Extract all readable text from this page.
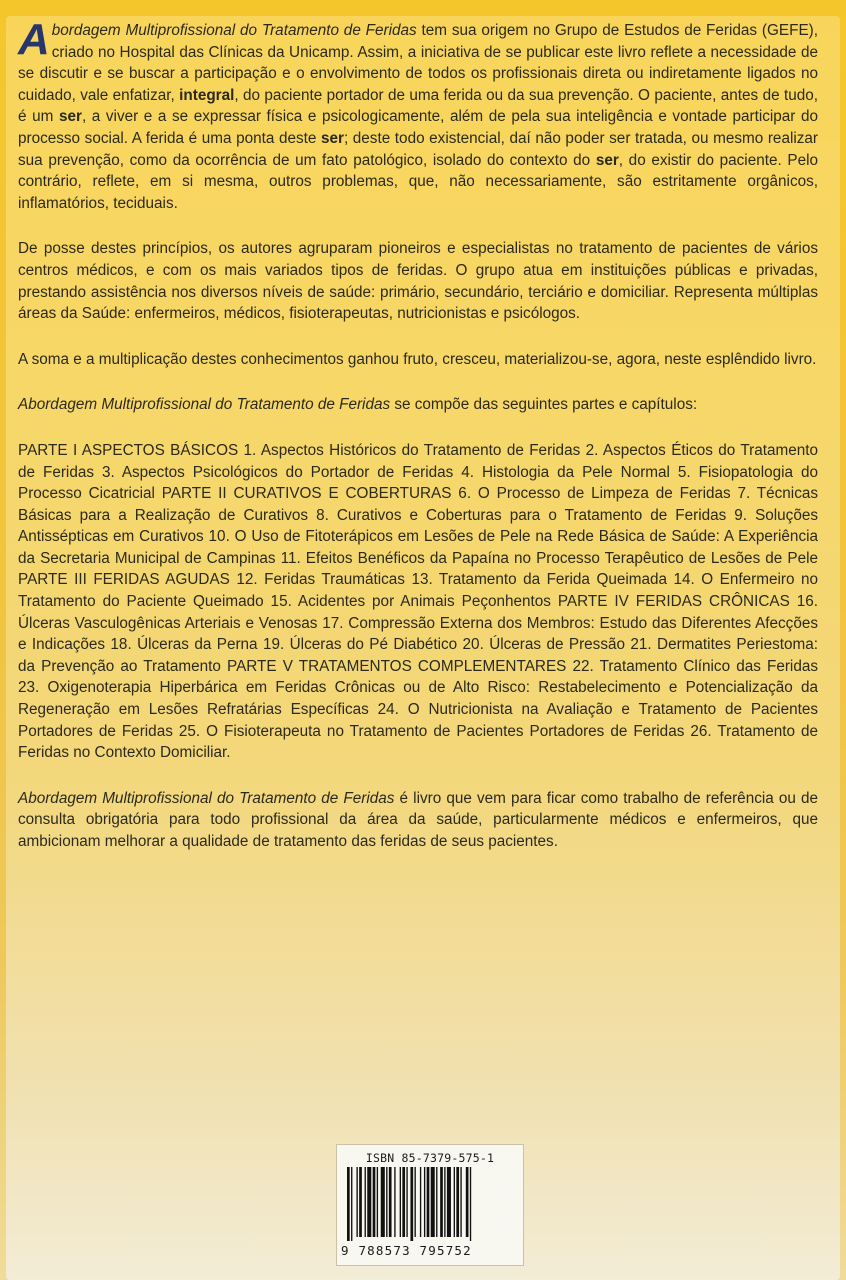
Abordagem Multiprofissional do Tratamento de Feridas tem sua origem no Grupo de Estudos de Feridas (GEFE), criado no Hospital das Clínicas da Unicamp. Assim, a iniciativa de se publicar este livro reflete a necessidade de se discutir e se buscar a participação e o envolvimento de todos os profissionais direta ou indiretamente ligados no cuidado, vale enfatizar, integral, do paciente portador de uma ferida ou da sua prevenção. O paciente, antes de tudo, é um ser, a viver e a se expressar física e psicologicamente, além de pela sua inteligência e vontade participar do processo social. A ferida é uma ponta deste ser; deste todo existencial, daí não poder ser tratada, ou mesmo realizar sua prevenção, como da ocorrência de um fato patológico, isolado do contexto do ser, do existir do paciente. Pelo contrário, reflete, em si mesma, outros problemas, que, não necessariamente, são estritamente orgânicos, inflamatórios, teciduais.

De posse destes princípios, os autores agruparam pioneiros e especialistas no tratamento de pacientes de vários centros médicos, e com os mais variados tipos de feridas. O grupo atua em instituições públicas e privadas, prestando assistência nos diversos níveis de saúde: primário, secundário, terciário e domiciliar. Representa múltiplas áreas da Saúde: enfermeiros, médicos, fisioterapeutas, nutricionistas e psicólogos.

A soma e a multiplicação destes conhecimentos ganhou fruto, cresceu, materializou-se, agora, neste esplêndido livro.

Abordagem Multiprofissional do Tratamento de Feridas se compõe das seguintes partes e capítulos:

PARTE I ASPECTOS BÁSICOS 1. Aspectos Históricos do Tratamento de Feridas 2. Aspectos Éticos do Tratamento de Feridas 3. Aspectos Psicológicos do Portador de Feridas 4. Histologia da Pele Normal 5. Fisiopatologia do Processo Cicatricial PARTE II CURATIVOS E COBERTURAS 6. O Processo de Limpeza de Feridas 7. Técnicas Básicas para a Realização de Curativos 8. Curativos e Coberturas para o Tratamento de Feridas 9. Soluções Antissépticas em Curativos 10. O Uso de Fitoterápicos em Lesões de Pele na Rede Básica de Saúde: A Experiência da Secretaria Municipal de Campinas 11. Efeitos Benéficos da Papaína no Processo Terapêutico de Lesões de Pele PARTE III FERIDAS AGUDAS 12. Feridas Traumáticas 13. Tratamento da Ferida Queimada 14. O Enfermeiro no Tratamento do Paciente Queimado 15. Acidentes por Animais Peçonhentos PARTE IV FERIDAS CRÔNICAS 16. Úlceras Vasculogênicas Arteriais e Venosas 17. Compressão Externa dos Membros: Estudo das Diferentes Afecções e Indicações 18. Úlceras da Perna 19. Úlceras do Pé Diabético 20. Úlceras de Pressão 21. Dermatites Periestoma: da Prevenção ao Tratamento PARTE V TRATAMENTOS COMPLEMENTARES 22. Tratamento Clínico das Feridas 23. Oxigenoterapia Hiperbárica em Feridas Crônicas ou de Alto Risco: Restabelecimento e Potencialização da Regeneração em Lesões Refratárias Específicas 24. O Nutricionista na Avaliação e Tratamento de Pacientes Portadores de Feridas 25. O Fisioterapeuta no Tratamento de Pacientes Portadores de Feridas 26. Tratamento de Feridas no Contexto Domiciliar.

Abordagem Multiprofissional do Tratamento de Feridas é livro que vem para ficar como trabalho de referência ou de consulta obrigatória para todo profissional da área da saúde, particularmente médicos e enfermeiros, que ambicionam melhorar a qualidade de tratamento das feridas de seus pacientes.

ISBN 85-7379-575-1
9 788573 795752
